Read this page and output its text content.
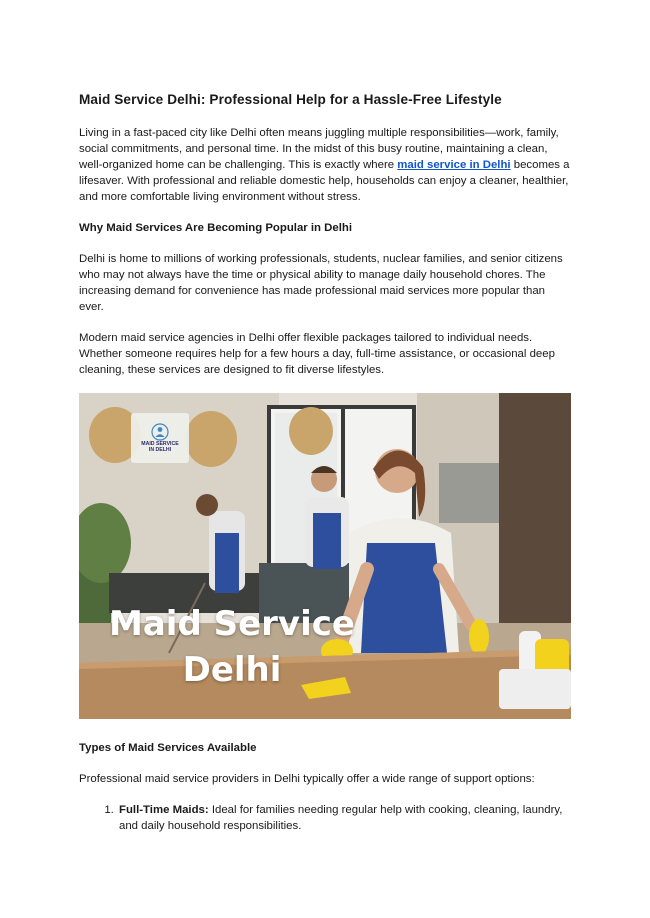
Maid Service Delhi: Professional Help for a Hassle-Free Lifestyle

Living in a fast-paced city like Delhi often means juggling multiple responsibilities—work, family, social commitments, and personal time. In the midst of this busy routine, maintaining a clean, well-organized home can be challenging. This is exactly where maid service in Delhi becomes a lifesaver. With professional and reliable domestic help, households can enjoy a cleaner, healthier, and more comfortable living environment without stress.

Why Maid Services Are Becoming Popular in Delhi

Delhi is home to millions of working professionals, students, nuclear families, and senior citizens who may not always have the time or physical ability to manage daily household chores. The increasing demand for convenience has made professional maid services more popular than ever.

Modern maid service agencies in Delhi offer flexible packages tailored to individual needs. Whether someone requires help for a few hours a day, full-time assistance, or occasional deep cleaning, these services are designed to fit diverse lifestyles.

MAID SERVICE
IN DELHI
Maid Service
Delhi
Types of Maid Services Available

Professional maid service providers in Delhi typically offer a wide range of support options:

1. Full-Time Maids: Ideal for families needing regular help with cooking, cleaning, laundry, and daily household responsibilities.
